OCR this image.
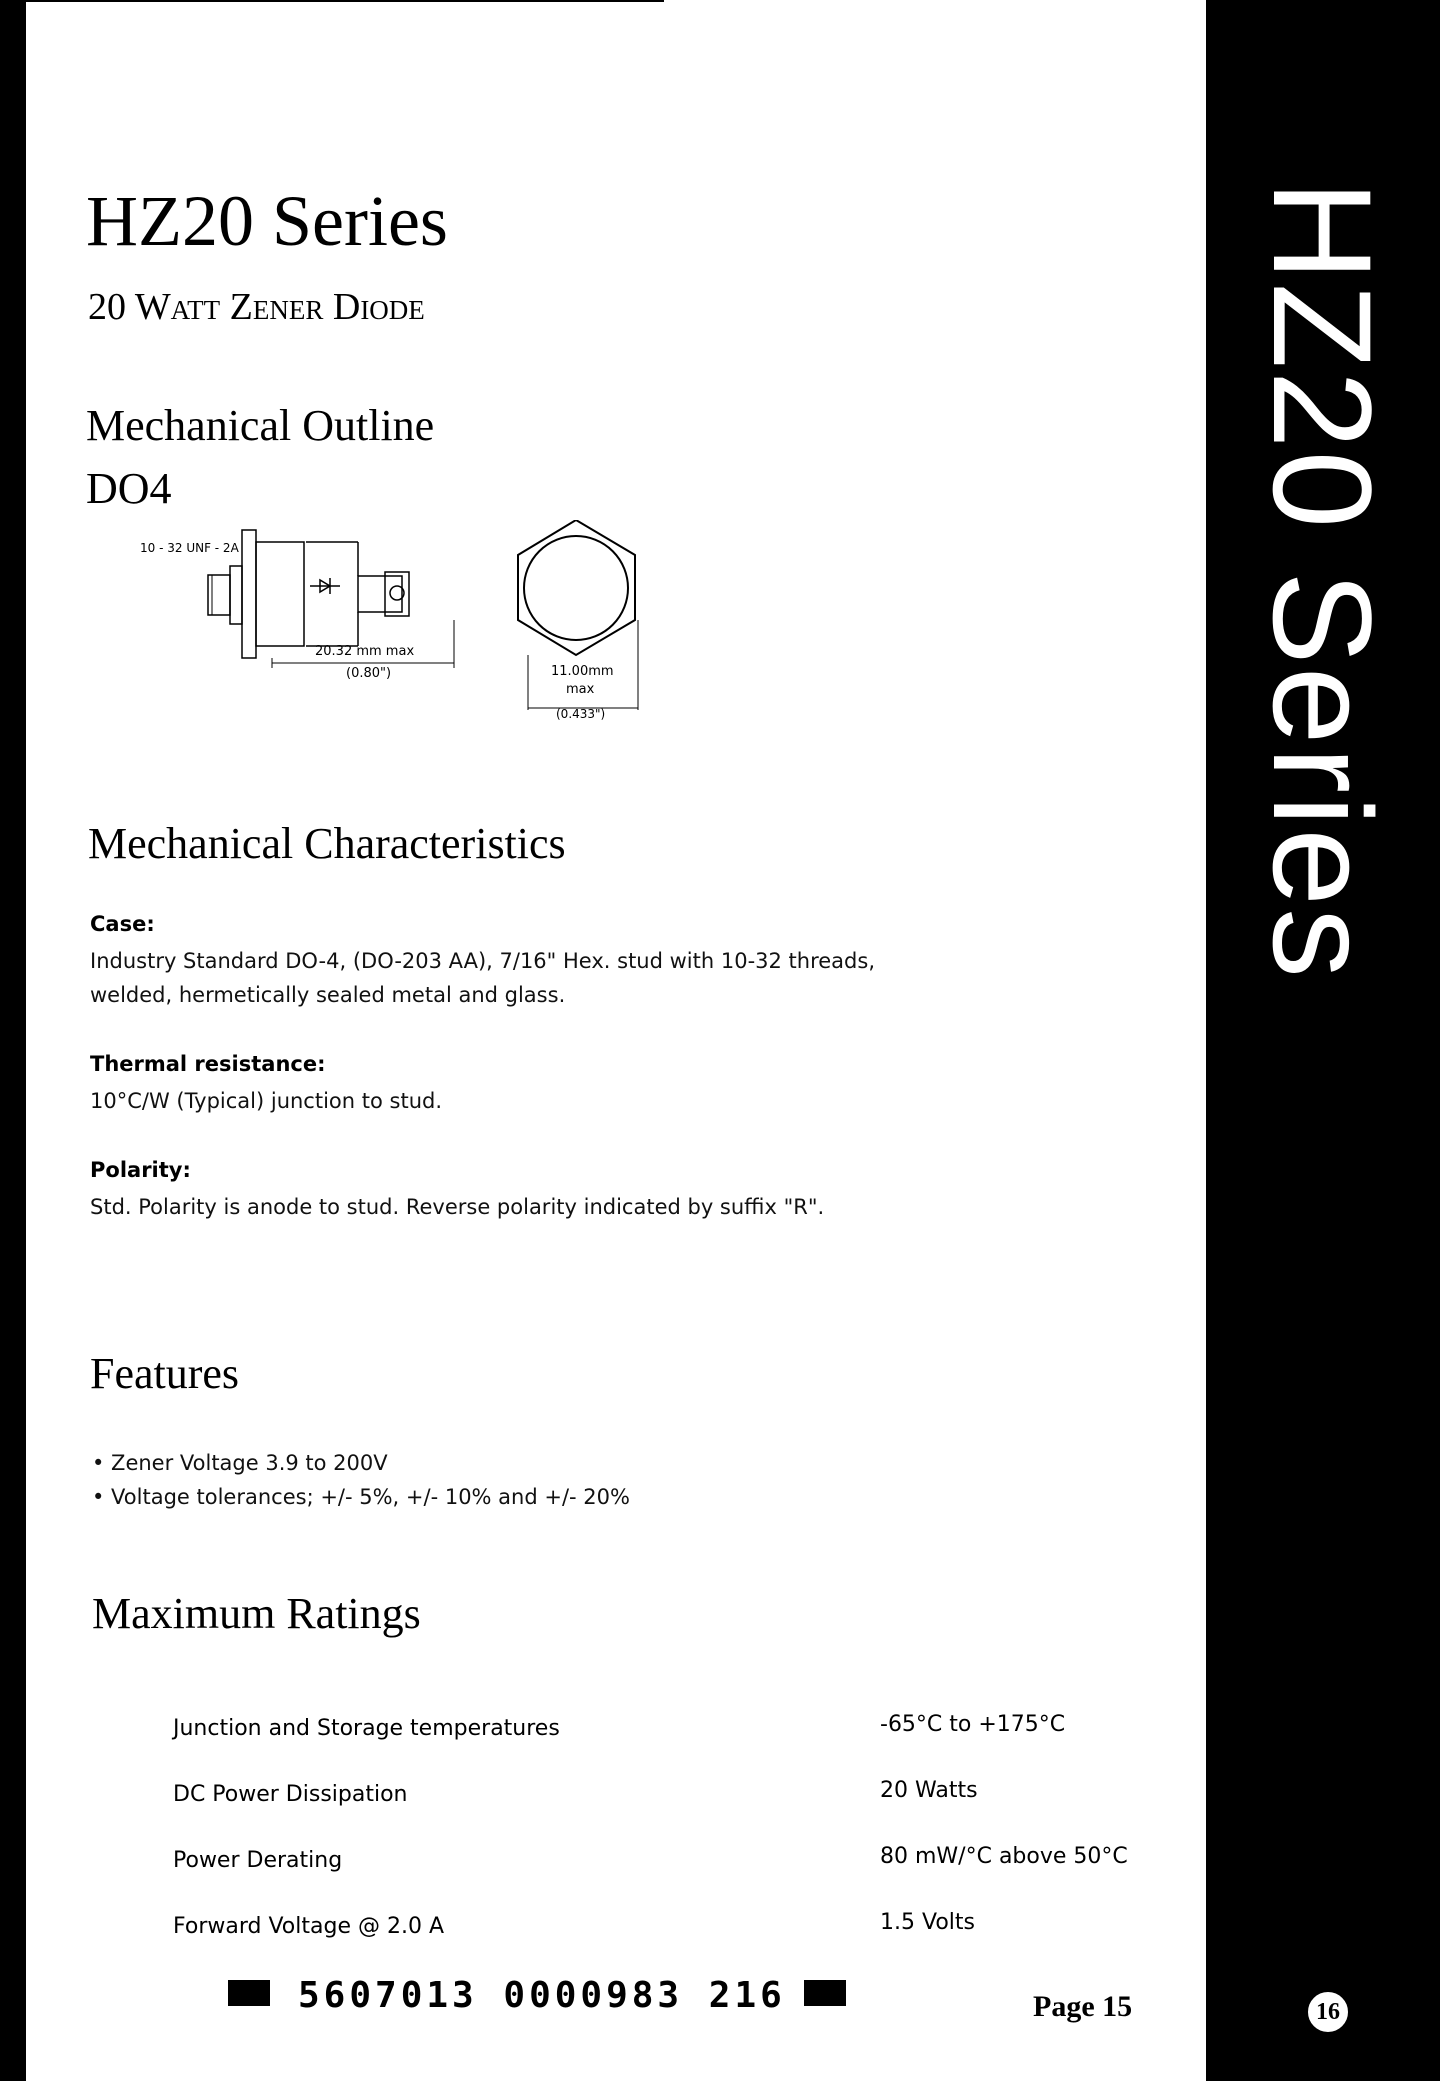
HZ20 Series
HZ20 Series
20 Watt Zener Diode
Mechanical Outline
DO4
10 - 32 UNF - 2A
20.32 mm max
(0.80")	11.00mm
max
(0.433")
Mechanical Characteristics
Case:
Industry Standard DO-4, (DO-203 AA), 7/16" Hex. stud with 10-32 threads,
welded, hermetically sealed metal and glass.
Thermal resistance:
10°C/W (Typical) junction to stud.
Polarity:
Std. Polarity is anode to stud. Reverse polarity indicated by suffix "R".
Features
• Zener Voltage 3.9 to 200V
• Voltage tolerances; +/- 5%, +/- 10% and +/- 20%
Maximum Ratings
Junction and Storage temperatures	-65°C to +175°C
DC Power Dissipation	20 Watts
Power Derating	80 mW/°C above 50°C
Forward Voltage @ 2.0 A	1.5 Volts
5607013 0000983 216	Page 15	16
